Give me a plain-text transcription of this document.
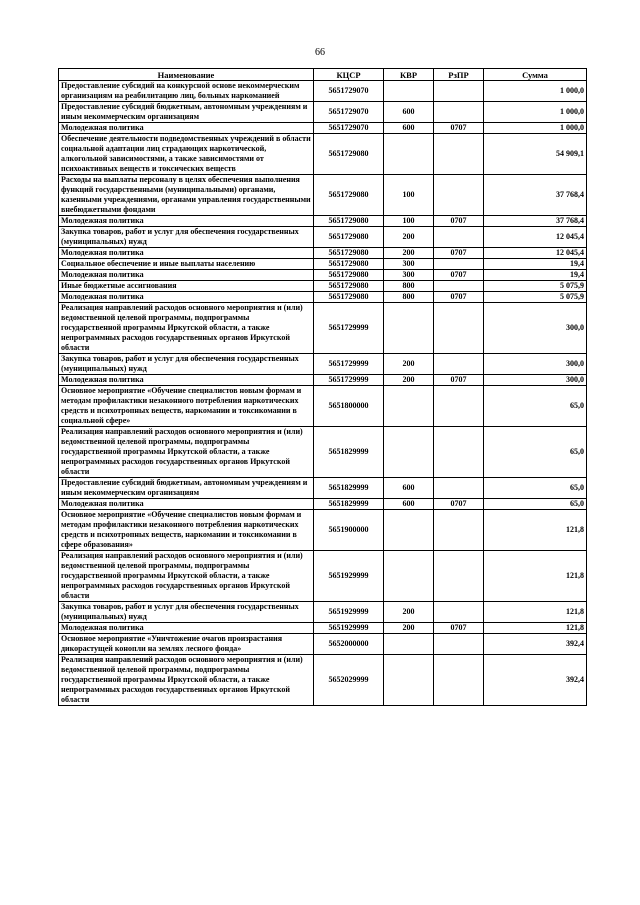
66
Наименование	КЦСР	КВР	РзПР	Сумма
Предоставление субсидий на конкурсной основе некоммерческим организациям на реабилитацию лиц, больных наркоманией	5651729070			1 000,0
Предоставление субсидий бюджетным, автономным учреждениям и иным некоммерческим организациям	5651729070	600		1 000,0
Молодежная политика	5651729070	600	0707	1 000,0
Обеспечение деятельности подведомственных учреждений в области социальной адаптации лиц страдающих наркотической, алкогольной зависимостями, а также зависимостями от психоактивных веществ и токсических веществ	5651729080			54 909,1
Расходы на выплаты персоналу в целях обеспечения выполнения функций государственными (муниципальными) органами, казенными учреждениями, органами управления государственными внебюджетными фондами	5651729080	100		37 768,4
Молодежная политика	5651729080	100	0707	37 768,4
Закупка товаров, работ и услуг для обеспечения государственных (муниципальных) нужд	5651729080	200		12 045,4
Молодежная политика	5651729080	200	0707	12 045,4
Социальное обеспечение и иные выплаты населению	5651729080	300		19,4
Молодежная политика	5651729080	300	0707	19,4
Иные бюджетные ассигнования	5651729080	800		5 075,9
Молодежная политика	5651729080	800	0707	5 075,9
Реализация направлений расходов основного мероприятия и (или) ведомственной целевой программы, подпрограммы государственной программы Иркутской области, а также непрограммных расходов государственных органов Иркутской области	5651729999			300,0
Закупка товаров, работ и услуг для обеспечения государственных (муниципальных) нужд	5651729999	200		300,0
Молодежная политика	5651729999	200	0707	300,0
Основное мероприятие «Обучение специалистов новым формам и методам профилактики незаконного потребления наркотических средств и психотропных веществ, наркомании и токсикомании в социальной сфере»	5651800000			65,0
Реализация направлений расходов основного мероприятия и (или) ведомственной целевой программы, подпрограммы государственной программы Иркутской области, а также непрограммных расходов государственных органов Иркутской области	5651829999			65,0
Предоставление субсидий бюджетным, автономным учреждениям и иным некоммерческим организациям	5651829999	600		65,0
Молодежная политика	5651829999	600	0707	65,0
Основное мероприятие «Обучение специалистов новым формам и методам профилактики незаконного потребления наркотических средств и психотропных веществ, наркомании и токсикомании в сфере образования»	5651900000			121,8
Реализация направлений расходов основного мероприятия и (или) ведомственной целевой программы, подпрограммы государственной программы Иркутской области, а также непрограммных расходов государственных органов Иркутской области	5651929999			121,8
Закупка товаров, работ и услуг для обеспечения государственных (муниципальных) нужд	5651929999	200		121,8
Молодежная политика	5651929999	200	0707	121,8
Основное мероприятие «Уничтожение очагов произрастания дикорастущей конопли на землях лесного фонда»	5652000000			392,4
Реализация направлений расходов основного мероприятия и (или) ведомственной целевой программы, подпрограммы государственной программы Иркутской области, а также непрограммных расходов государственных органов Иркутской области	5652029999			392,4
